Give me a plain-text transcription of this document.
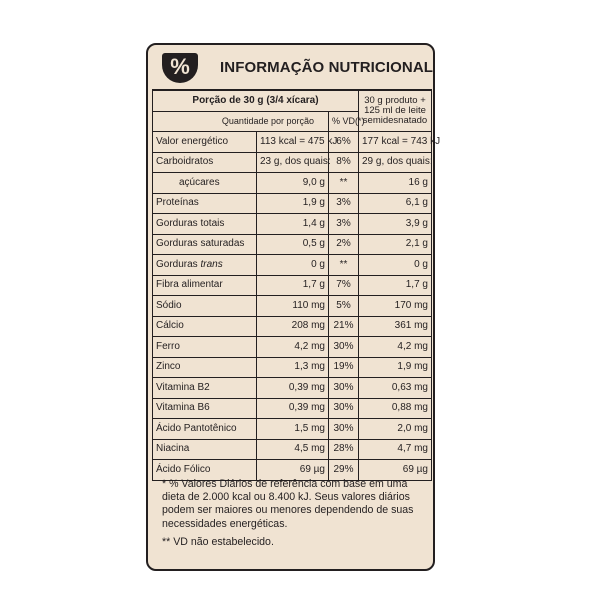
% INFORMAÇÃO NUTRICIONAL
Porção de 30 g (3/4 xícara)			30 g produto + 125 ml de leite semidesnatado
Quantidade por porção		% VD(*)	
Valor energético	113 kcal = 475 kJ	6%	177 kcal = 743 kJ
Carboidratos	23 g, dos quais:	8%	29 g, dos quais:
açúcares	9,0 g	**	16 g
Proteínas	1,9 g	3%	6,1 g
Gorduras totais	1,4 g	3%	3,9 g
Gorduras saturadas	0,5 g	2%	2,1 g
Gorduras trans	0 g	**	0 g
Fibra alimentar	1,7 g	7%	1,7 g
Sódio	110 mg	5%	170 mg
Cálcio	208 mg	21%	361 mg
Ferro	4,2 mg	30%	4,2 mg
Zinco	1,3 mg	19%	1,9 mg
Vitamina B2	0,39 mg	30%	0,63 mg
Vitamina B6	0,39 mg	30%	0,88 mg
Ácido Pantotênico	1,5 mg	30%	2,0 mg
Niacina	4,5 mg	28%	4,7 mg
Ácido Fólico	69 µg	29%	69 µg

* % Valores Diários de referência com base em uma dieta de 2.000 kcal ou 8.400 kJ. Seus valores diários podem ser maiores ou menores dependendo de suas necessidades energéticas.

** VD não estabelecido.
